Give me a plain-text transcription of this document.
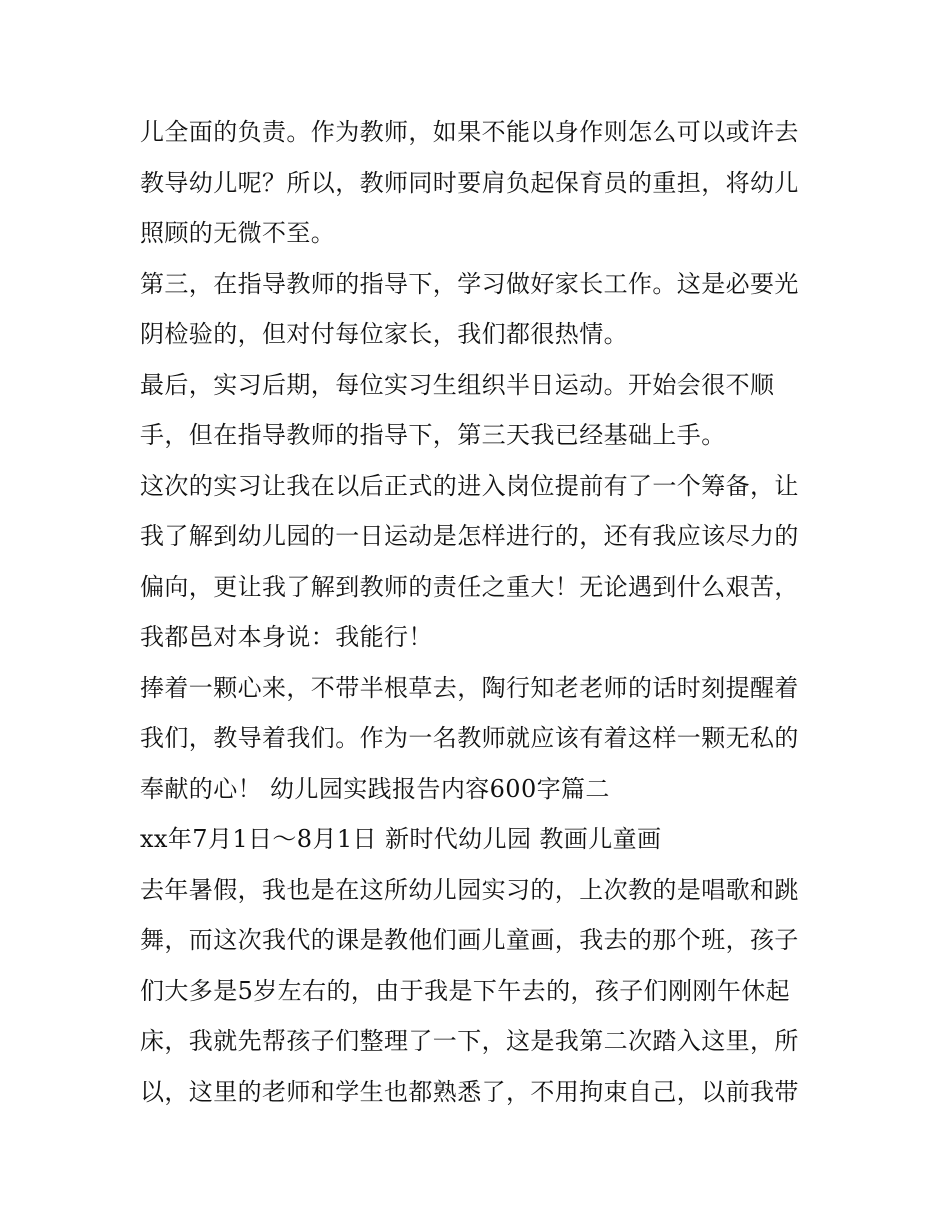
儿全面的负责。作为教师，如果不能以身作则怎么可以或许去
教导幼儿呢？所以，教师同时要肩负起保育员的重担，将幼儿
照顾的无微不至。
第三，在指导教师的指导下，学习做好家长工作。这是必要光
阴检验的，但对付每位家长，我们都很热情。
最后，实习后期，每位实习生组织半日运动。开始会很不顺
手，但在指导教师的指导下，第三天我已经基础上手。
这次的实习让我在以后正式的进入岗位提前有了一个筹备，让
我了解到幼儿园的一日运动是怎样进行的，还有我应该尽力的
偏向，更让我了解到教师的责任之重大！无论遇到什么艰苦，
我都邑对本身说：我能行！
捧着一颗心来，不带半根草去，陶行知老老师的话时刻提醒着
我们，教导着我们。作为一名教师就应该有着这样一颗无私的
奉献的心！ 幼儿园实践报告内容600字篇二
xx年7月1日～8月1日 新时代幼儿园 教画儿童画
去年暑假，我也是在这所幼儿园实习的，上次教的是唱歌和跳
舞，而这次我代的课是教他们画儿童画，我去的那个班，孩子
们大多是5岁左右的，由于我是下午去的，孩子们刚刚午休起
床，我就先帮孩子们整理了一下，这是我第二次踏入这里，所
以，这里的老师和学生也都熟悉了，不用拘束自己，以前我带
